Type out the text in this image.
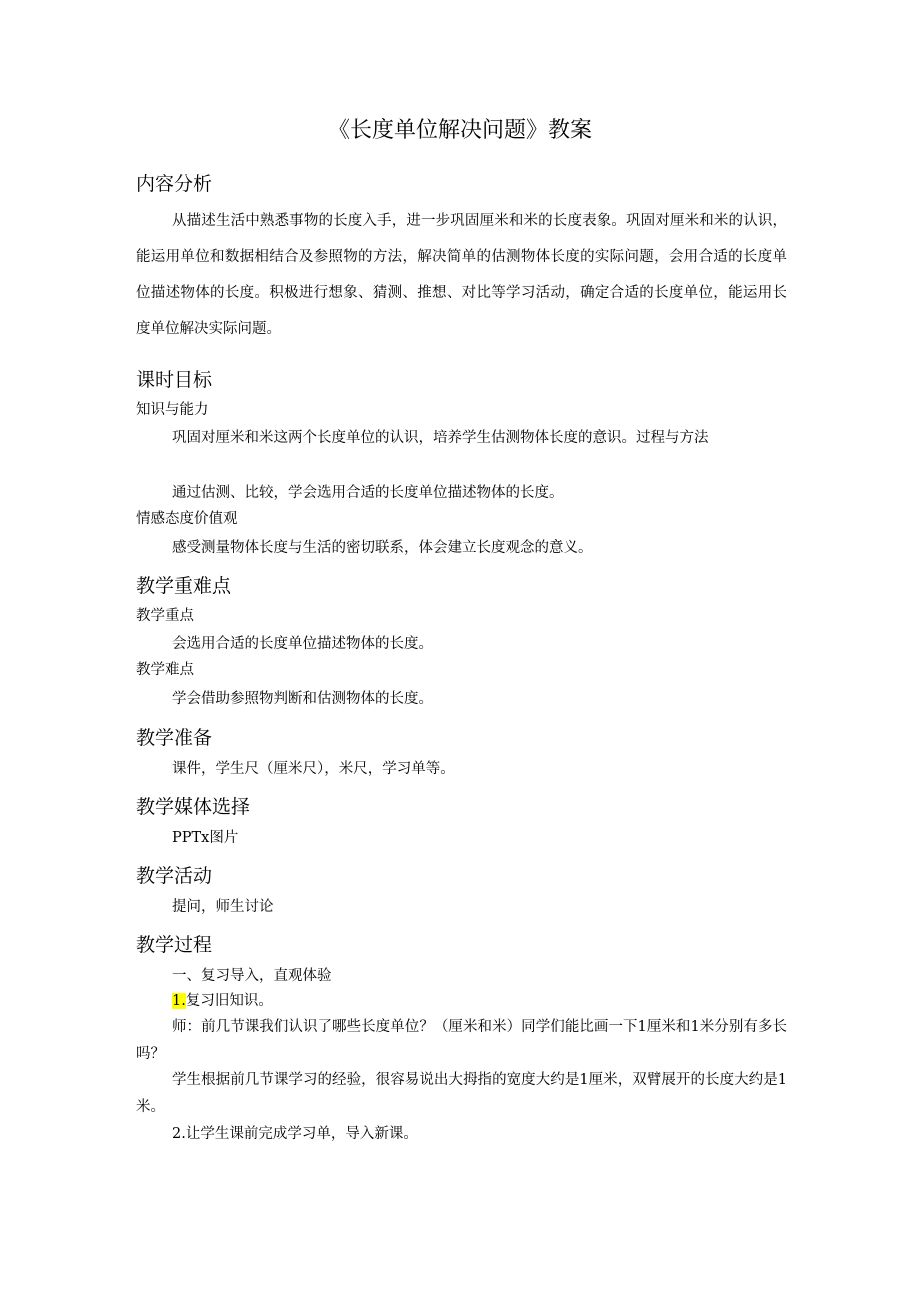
《长度单位解决问题》教案
内容分析
从描述生活中熟悉事物的长度入手，进一步巩固厘米和米的长度表象。巩固对厘米和米的认识，能运用单位和数据相结合及参照物的方法，解决简单的估测物体长度的实际问题，会用合适的长度单位描述物体的长度。积极进行想象、猜测、推想、对比等学习活动，确定合适的长度单位，能运用长度单位解决实际问题。
课时目标
知识与能力
巩固对厘米和米这两个长度单位的认识，培养学生估测物体长度的意识。过程与方法
通过估测、比较，学会选用合适的长度单位描述物体的长度。
情感态度价值观
感受测量物体长度与生活的密切联系，体会建立长度观念的意义。
教学重难点
教学重点
会选用合适的长度单位描述物体的长度。
教学难点
学会借助参照物判断和估测物体的长度。
教学准备
课件，学生尺（厘米尺），米尺，学习单等。
教学媒体选择
PPTx图片
教学活动
提问，师生讨论
教学过程
一、复习导入，直观体验
1.复习旧知识。
师：前几节课我们认识了哪些长度单位？（厘米和米）同学们能比画一下1厘米和1米分别有多长吗？
学生根据前几节课学习的经验，很容易说出大拇指的宽度大约是1厘米，双臂展开的长度大约是1米。
2.让学生课前完成学习单，导入新课。
